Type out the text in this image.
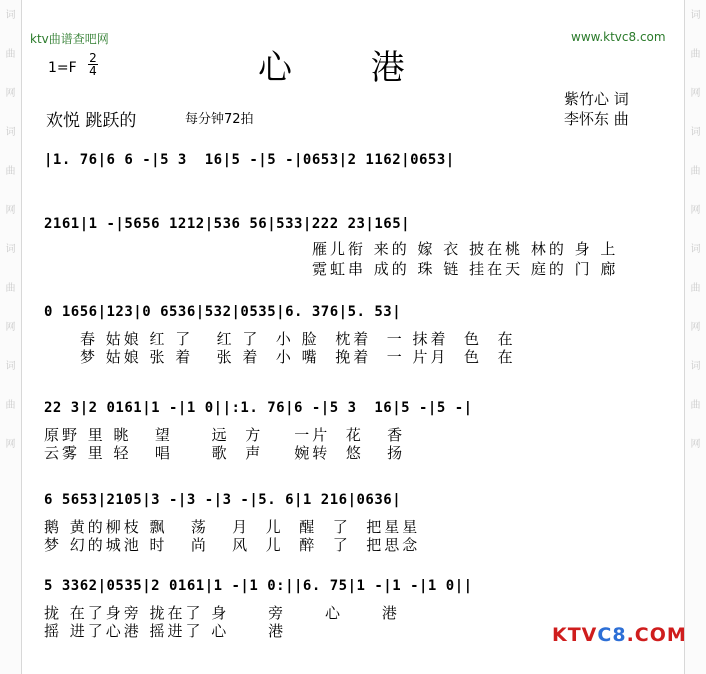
词
曲
网
词
曲
网
词
曲
网
词
曲
网
词
曲
网
词
曲
网
词
曲
网
词
曲
网
ktv曲谱查吧网	www.ktvc8.com
心 港
1=F
2
4
紫竹心 词
李怀东 曲
欢悦 跳跃的	每分钟72拍
|1. 76|6 6 -|5 3  16|5 -|5 -|0653|2 1162|0653|
2161|1 -|5656 1212|536 56|533|222 23|165|
雁儿衔 来的 嫁 衣 披在桃 林的 身 上
霓虹串 成的 珠 链 挂在天 庭的 门 廊
0 1656|123|0 6536|532|0535|6. 376|5. 53|
春 姑娘 红 了   红 了  小 脸  枕着  一 抹着  色  在
梦 姑娘 张 着   张 着  小 嘴  挽着  一 片月  色  在
22 3|2 0161|1 -|1 0||:1. 76|6 -|5 3  16|5 -|5 -|
原野 里 眺   望     远  方    一片  花   香
云雾 里 轻   唱     歌  声    婉转  悠   扬
6 5653|2105|3 -|3 -|3 -|5. 6|1 216|0636|
鹅 黄的柳枝 飘   荡   月  儿  醒  了  把星星
梦 幻的城池 时   尚   风  儿  醉  了  把思念
5 3362|0535|2 0161|1 -|1 0:||6. 75|1 -|1 -|1 0||
拢 在了身旁 拢在了 身     旁     心     港
摇 进了心港 摇进了 心     港	KTVC8.COM
